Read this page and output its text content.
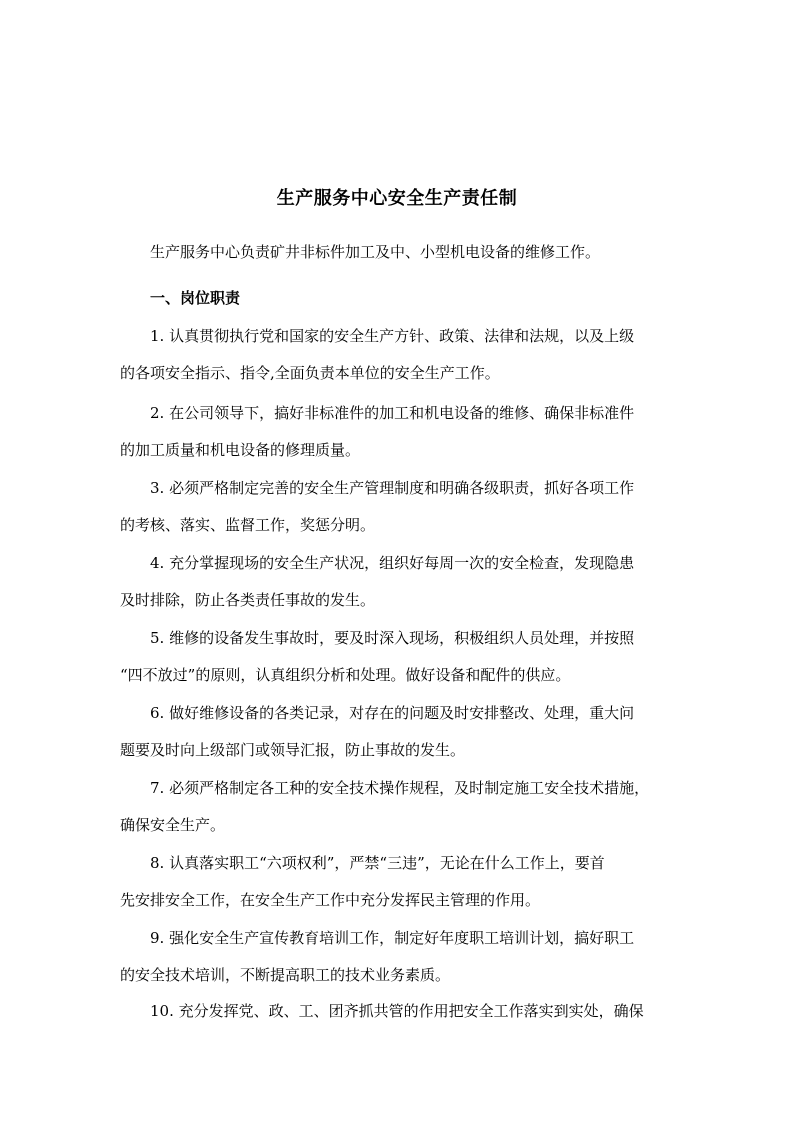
生产服务中心安全生产责任制
生产服务中心负责矿井非标件加工及中、小型机电设备的维修工作。
一、岗位职责
1. 认真贯彻执行党和国家的安全生产方针、政策、法律和法规，以及上级
的各项安全指示、指令,全面负责本单位的安全生产工作。
2. 在公司领导下，搞好非标准件的加工和机电设备的维修、确保非标准件
的加工质量和机电设备的修理质量。
3. 必须严格制定完善的安全生产管理制度和明确各级职责，抓好各项工作
的考核、落实、监督工作，奖惩分明。
4. 充分掌握现场的安全生产状况，组织好每周一次的安全检查，发现隐患
及时排除，防止各类责任事故的发生。
5. 维修的设备发生事故时，要及时深入现场，积极组织人员处理，并按照
“四不放过”的原则，认真组织分析和处理。做好设备和配件的供应。
6. 做好维修设备的各类记录，对存在的问题及时安排整改、处理，重大问
题要及时向上级部门或领导汇报，防止事故的发生。
7. 必须严格制定各工种的安全技术操作规程，及时制定施工安全技术措施，
确保安全生产。
8. 认真落实职工“六项权利”，严禁“三违”，无论在什么工作上，要首
先安排安全工作，在安全生产工作中充分发挥民主管理的作用。
9. 强化安全生产宣传教育培训工作，制定好年度职工培训计划，搞好职工
的安全技术培训，不断提高职工的技术业务素质。
10. 充分发挥党、政、工、团齐抓共管的作用把安全工作落实到实处，确保
